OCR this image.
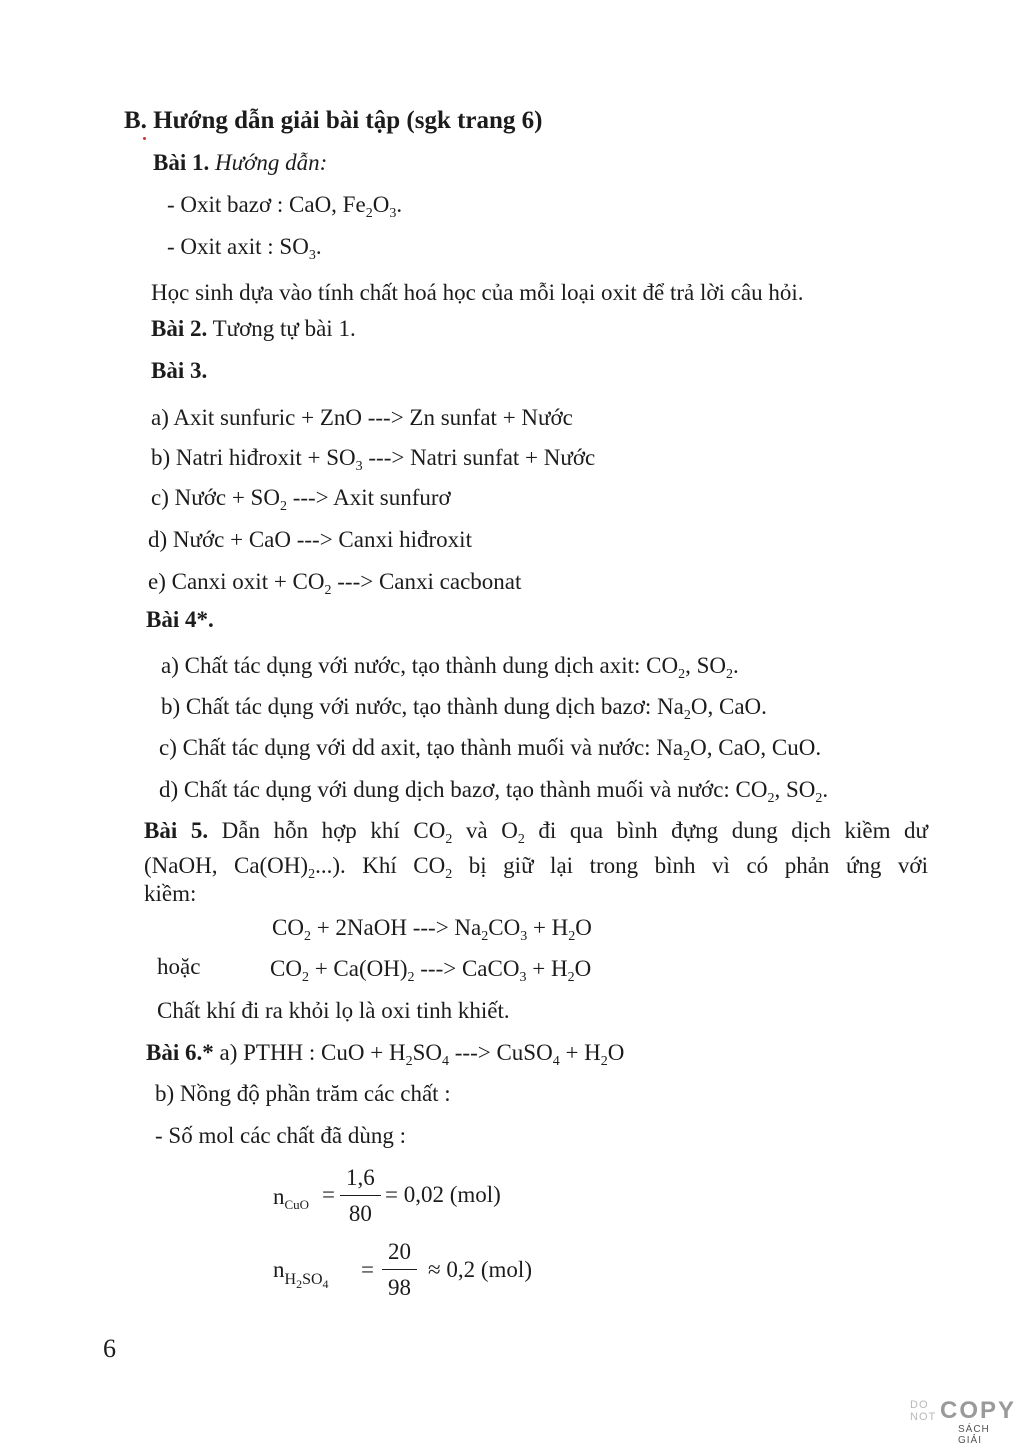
B. Hướng dẫn giải bài tập (sgk trang 6)
Bài 1. Hướng dẫn:
- Oxit bazơ : CaO, $Fe_2O_3$.
- Oxit axit : $SO_3$.
Học sinh dựa vào tính chất hoá học của mỗi loại oxit để trả lời câu hỏi.
Bài 2. Tương tự bài 1.
Bài 3.
a) Axit sunfuric + ZnO ---> Zn sunfat + Nước
b) Natri hiđroxit + $SO_3$ ---> Natri sunfat + Nước
c) Nước + $SO_2$ ---> Axit sunfurơ
d) Nước + CaO ---> Canxi hiđroxit
e) Canxi oxit + $CO_2$ ---> Canxi cacbonat
Bài 4*.
a) Chất tác dụng với nước, tạo thành dung dịch axit: $CO_2$, $SO_2$.
b) Chất tác dụng với nước, tạo thành dung dịch bazơ: $Na_2O$, CaO.
c) Chất tác dụng với dd axit, tạo thành muối và nước: $Na_2O$, CaO, CuO.
d) Chất tác dụng với dung dịch bazơ, tạo thành muối và nước: $CO_2$, $SO_2$.
Bài 5. Dẫn hỗn hợp khí $CO_2$ và $O_2$ đi qua bình đựng dung dịch kiềm dư
(NaOH, $Ca(OH)_2$...). Khí $CO_2$ bị giữ lại trong bình vì có phản ứng với
kiềm:
$CO_2$ + 2NaOH ---> $Na_2CO_3 + H_2O$
hoặc	$CO_2 + Ca(OH)_2$ ---> CaCO$_3$ + $H_2O$
Chất khí đi ra khỏi lọ là oxi tinh khiết.
Bài 6.* a) PTHH : CuO + $H_2SO_4$ ---> CuSO$_4$ + $H_2O$
b) Nồng độ phần trăm các chất :
- Số mol các chất đã dùng :
$n_{CuO} = \frac{1,6}{80} = 0,02$ (mol)
$n_{H_2SO_4}$
= $\frac{20}{98} \approx 0,2$ (mol)
6
DO
NOT COPY
SÁCH GIẢI
